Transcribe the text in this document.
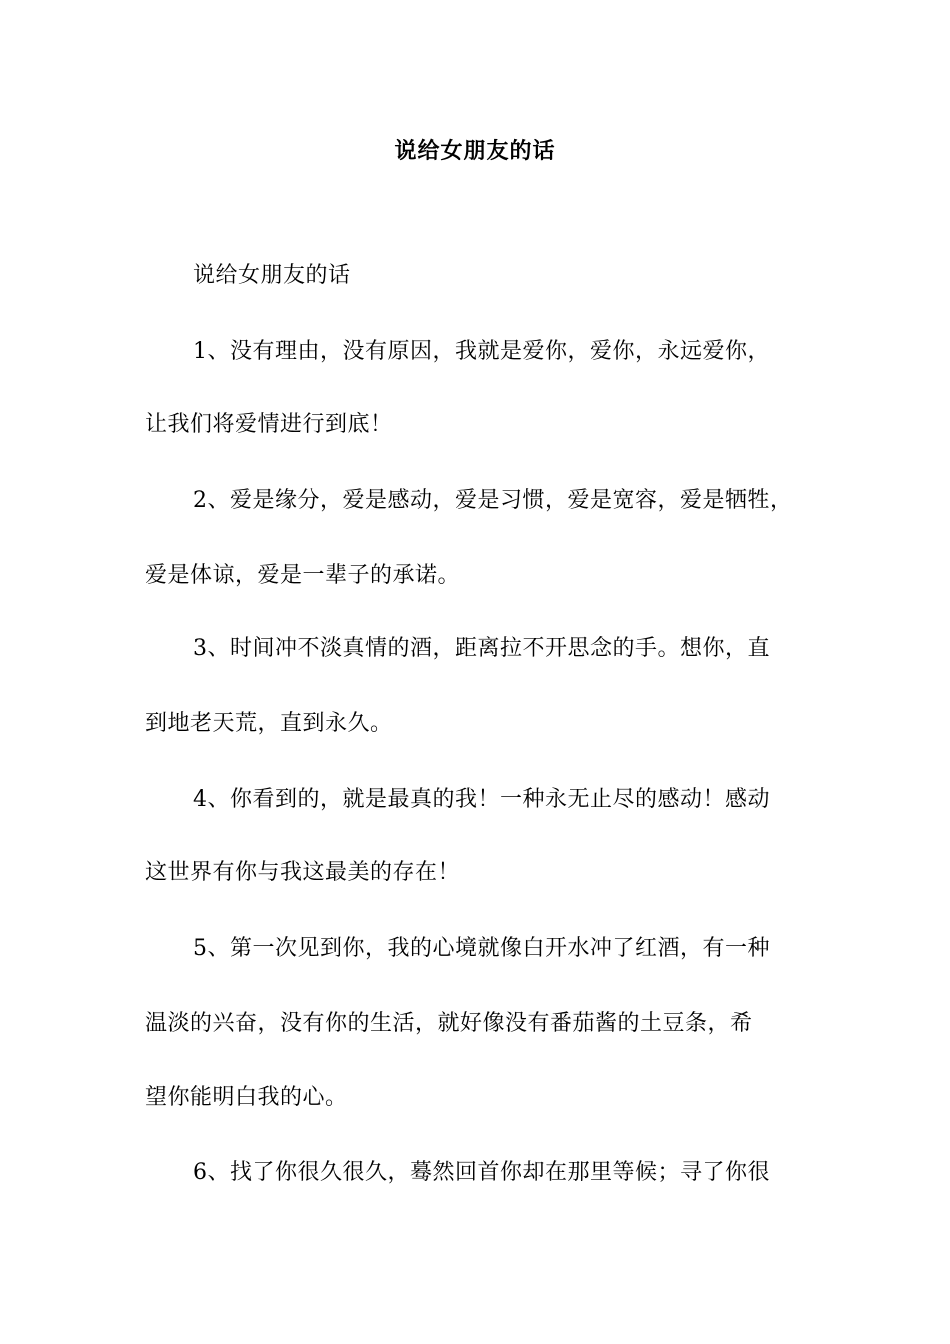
说给女朋友的话
说给女朋友的话
1、没有理由，没有原因，我就是爱你，爱你，永远爱你，
让我们将爱情进行到底！
2、爱是缘分，爱是感动，爱是习惯，爱是宽容，爱是牺牲，
爱是体谅，爱是一辈子的承诺。
3、时间冲不淡真情的酒，距离拉不开思念的手。想你，直
到地老天荒，直到永久。
4、你看到的，就是最真的我！一种永无止尽的感动！感动
这世界有你与我这最美的存在！
5、第一次见到你，我的心境就像白开水冲了红酒，有一种
温淡的兴奋，没有你的生活，就好像没有番茄酱的土豆条，希
望你能明白我的心。
6、找了你很久很久，蓦然回首你却在那里等候；寻了你很
